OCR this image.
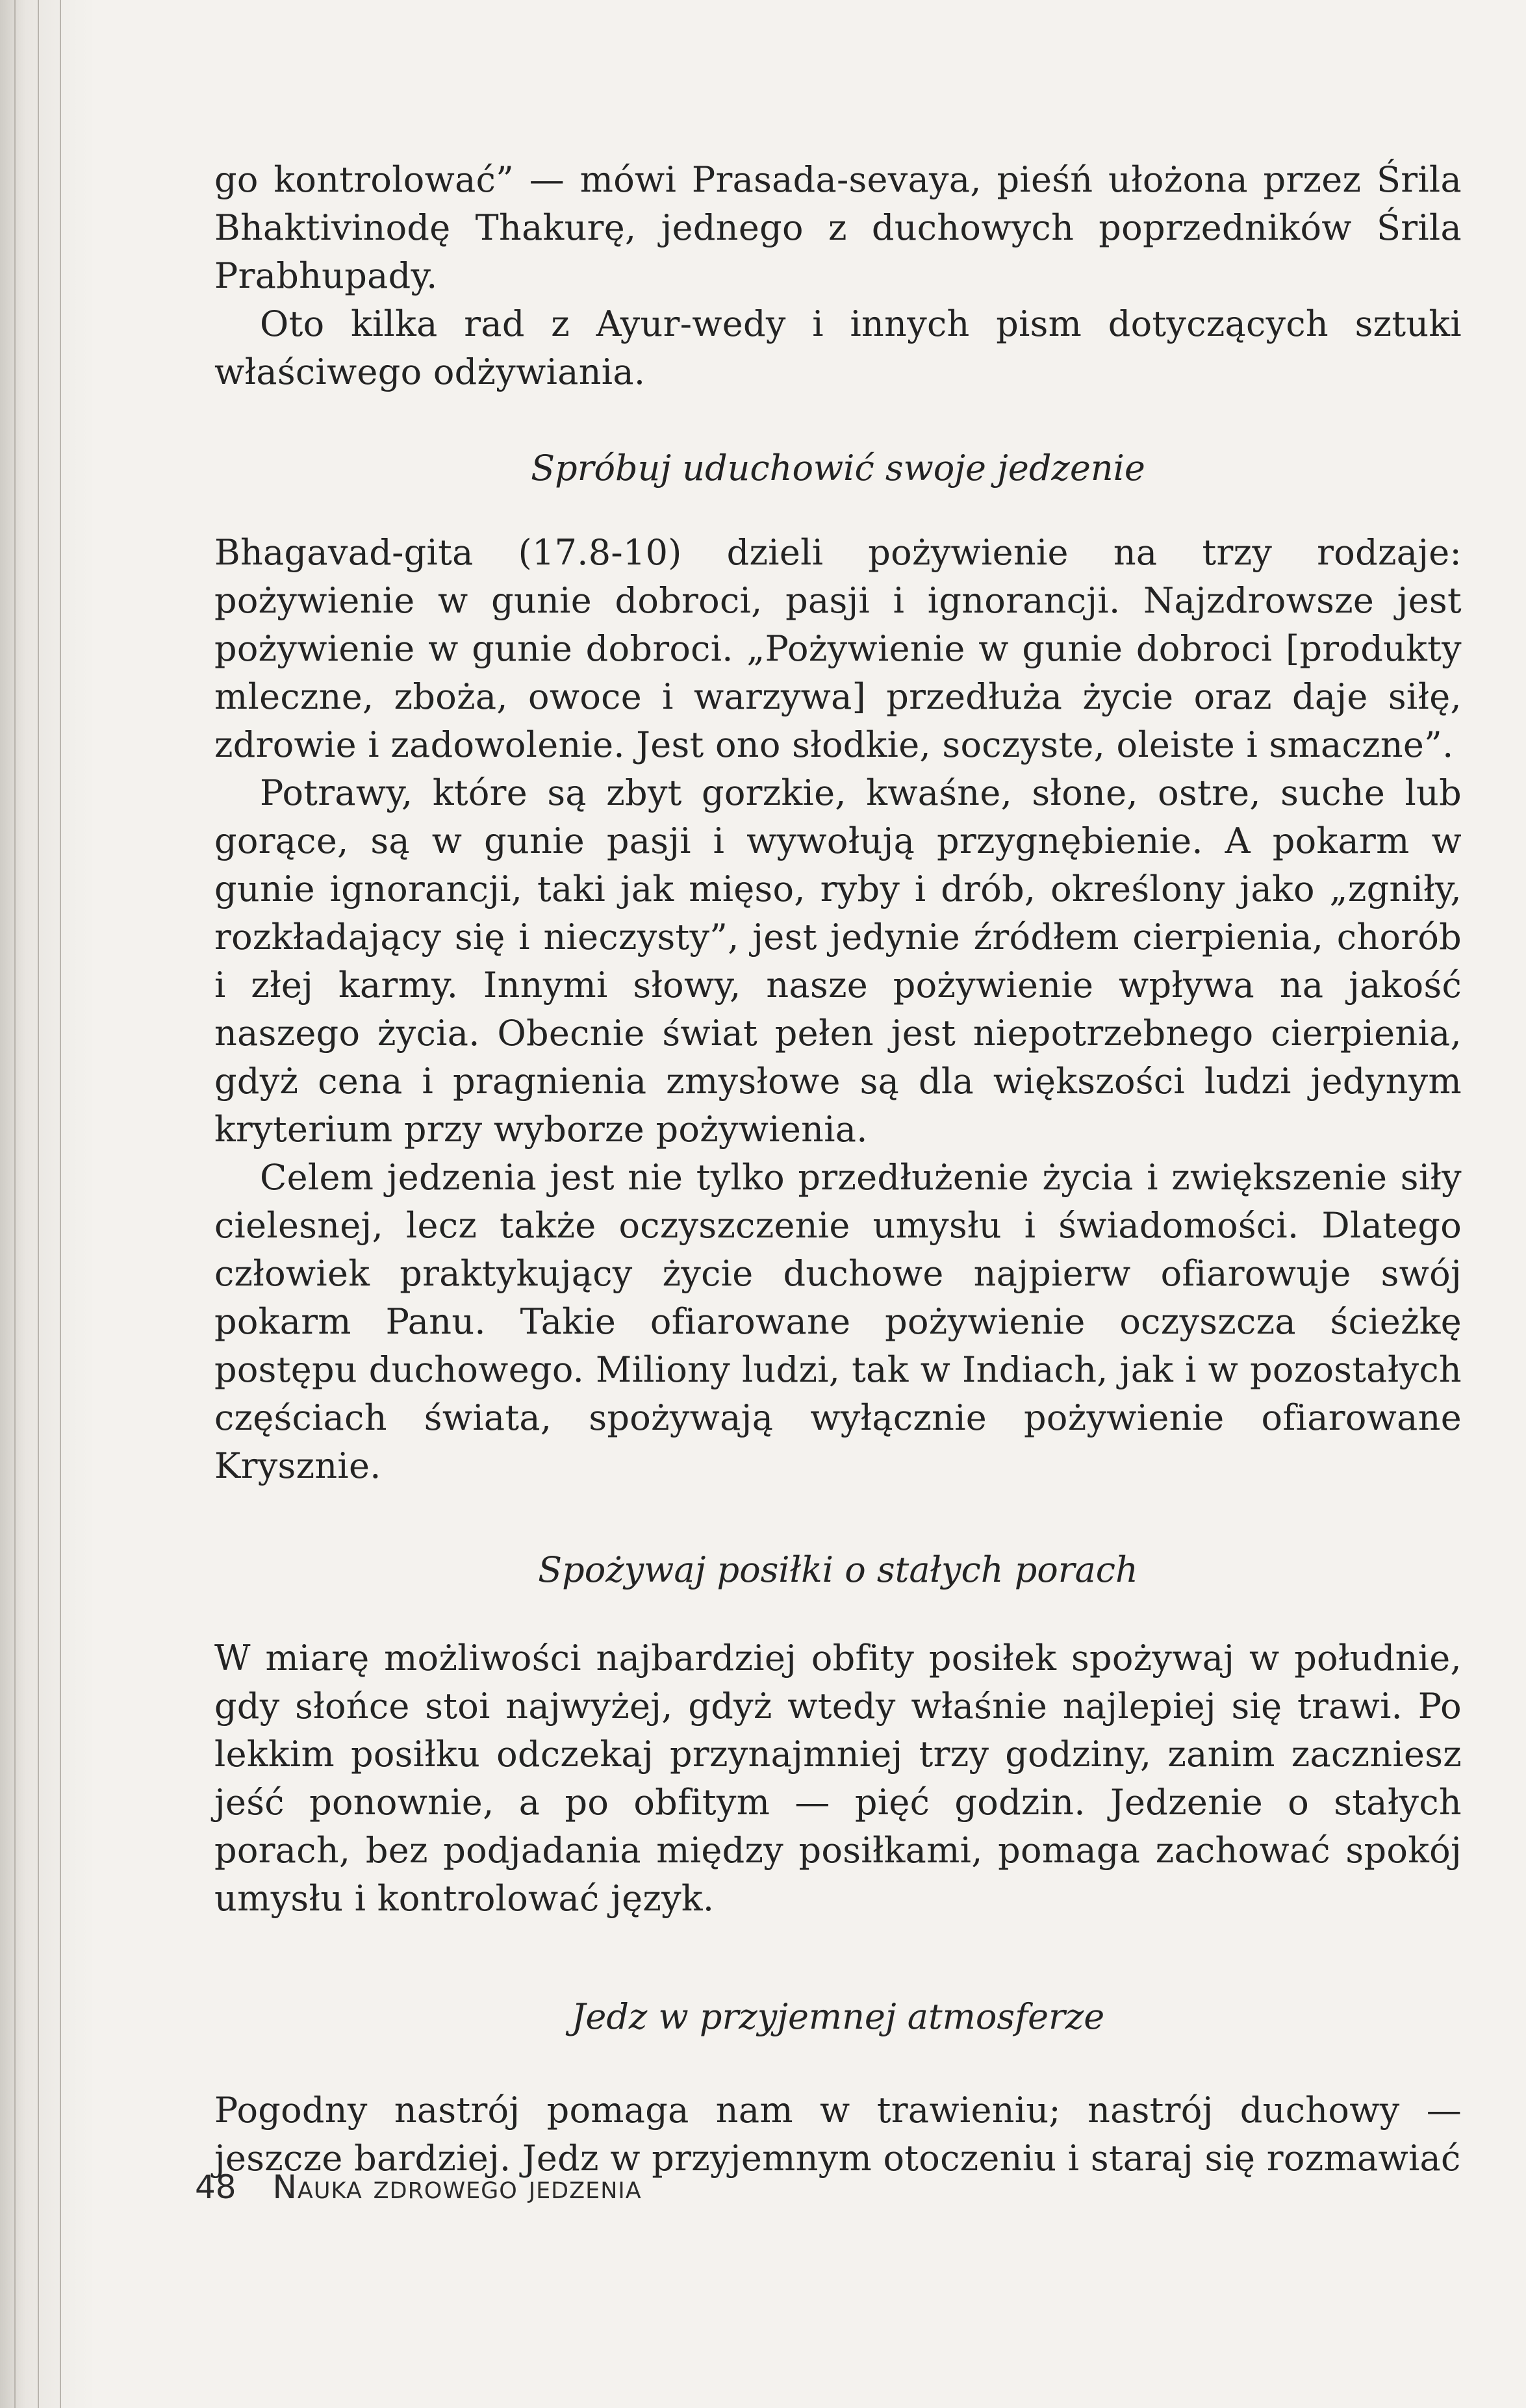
go kontrolować” — mówi Prasada-sevaya, pieśń ułożona przez Śrila Bhaktivinodę Thakurę, jednego z duchowych poprzedników Śrila Prabhupady.

Oto kilka rad z Ayur-wedy i innych pism dotyczących sztuki właściwego odżywiania.

Spróbuj uduchowić swoje jedzenie

Bhagavad-gita (17.8-10) dzieli pożywienie na trzy rodzaje: pożywienie w gunie dobroci, pasji i ignorancji. Najzdrowsze jest pożywienie w gunie dobroci. „Pożywienie w gunie dobroci [produkty mleczne, zboża, owoce i warzywa] przedłuża życie oraz daje siłę, zdrowie i zadowolenie. Jest ono słodkie, soczyste, oleiste i smaczne”.

Potrawy, które są zbyt gorzkie, kwaśne, słone, ostre, suche lub gorące, są w gunie pasji i wywołują przygnębienie. A pokarm w gunie ignorancji, taki jak mięso, ryby i drób, określony jako „zgniły, rozkładający się i nieczysty”, jest jedynie źródłem cierpienia, chorób i złej karmy. Innymi słowy, nasze pożywienie wpływa na jakość naszego życia. Obecnie świat pełen jest niepotrzebnego cierpienia, gdyż cena i pragnienia zmysłowe są dla większości ludzi jedynym kryterium przy wyborze pożywienia.

Celem jedzenia jest nie tylko przedłużenie życia i zwiększenie siły cielesnej, lecz także oczyszczenie umysłu i świadomości. Dlatego człowiek praktykujący życie duchowe najpierw ofiarowuje swój pokarm Panu. Takie ofiarowane pożywienie oczyszcza ścieżkę postępu duchowego. Miliony ludzi, tak w Indiach, jak i w pozostałych częściach świata, spożywają wyłącznie pożywienie ofiarowane Krysznie.

Spożywaj posiłki o stałych porach

W miarę możliwości najbardziej obfity posiłek spożywaj w południe, gdy słońce stoi najwyżej, gdyż wtedy właśnie najlepiej się trawi. Po lekkim posiłku odczekaj przynajmniej trzy godziny, zanim zaczniesz jeść ponownie, a po obfitym — pięć godzin. Jedzenie o stałych porach, bez podjadania między posiłkami, pomaga zachować spokój umysłu i kontrolować język.

Jedz w przyjemnej atmosferze

Pogodny nastrój pomaga nam w trawieniu; nastrój duchowy — jeszcze bardziej. Jedz w przyjemnym otoczeniu i staraj się rozmawiać

48 Nauka zdrowego jedzenia
